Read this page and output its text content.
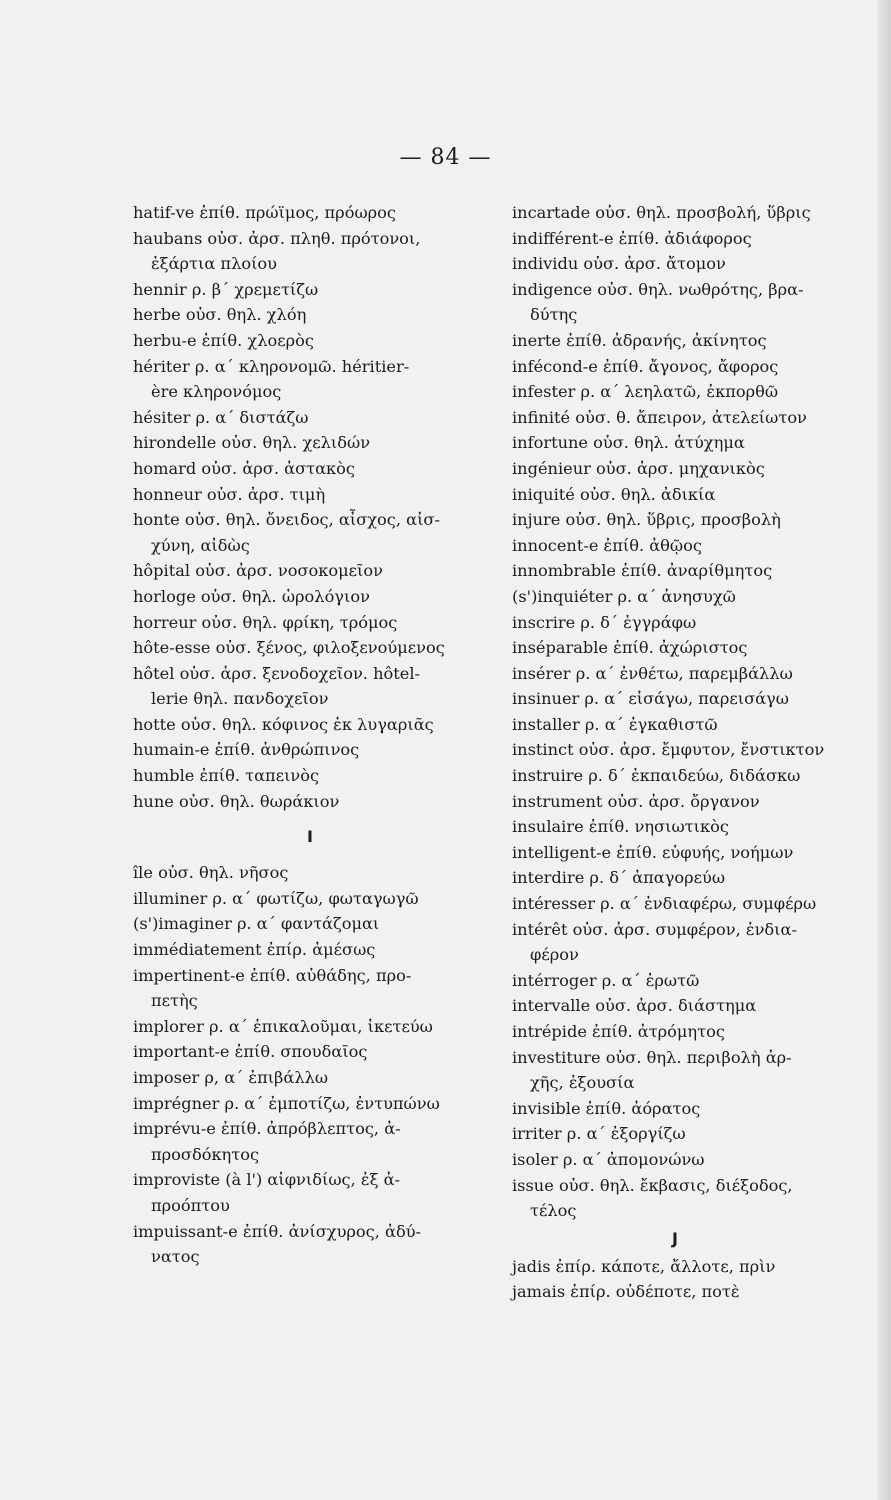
— 84 —
hatif-ve ἐπίθ. πρώϊμος, πρόωρος
haubans οὐσ. ἀρσ. πληθ. πρότονοι,
ἐξάρτια πλοίου
hennir ρ. β΄ χρεμετίζω
herbe οὐσ. θηλ. χλόη
herbu-e ἐπίθ. χλοερὸς
hériter ρ. α΄ κληρονομῶ. héritier-
ère κληρονόμος
hésiter ρ. α΄ διστάζω
hirondelle οὐσ. θηλ. χελιδών
homard οὐσ. ἀρσ. ἀστακὸς
honneur οὐσ. ἀρσ. τιμὴ
honte οὐσ. θηλ. ὄνειδος, αἶσχος, αἰσ-
χύνη, αἰδὼς
hôpital οὐσ. ἀρσ. νοσοκομεῖον
horloge οὐσ. θηλ. ὡρολόγιον
horreur οὐσ. θηλ. φρίκη, τρόμος
hôte-esse οὐσ. ξένος, φιλοξενούμενος
hôtel οὐσ. ἀρσ. ξενοδοχεῖον. hôtel-
lerie θηλ. πανδοχεῖον
hotte οὐσ. θηλ. κόφινος ἐκ λυγαριᾶς
humain-e ἐπίθ. ἀνθρώπινος
humble ἐπίθ. ταπεινὸς
hune οὐσ. θηλ. θωράκιον
I
île οὐσ. θηλ. νῆσος
illuminer ρ. α΄ φωτίζω, φωταγωγῶ
(s')imaginer ρ. α΄ φαντάζομαι
immédiatement ἐπίρ. ἀμέσως
impertinent-e ἐπίθ. αὐθάδης, προ-
πετὴς
implorer ρ. α΄ ἐπικαλοῦμαι, ἱκετεύω
important-e ἐπίθ. σπουδαῖος
imposer ρ, α΄ ἐπιβάλλω
imprégner ρ. α΄ ἐμποτίζω, ἐντυπώνω
imprévu-e ἐπίθ. ἀπρόβλεπτος, ἀ-
προσδόκητος
improviste (à l') αἰφνιδίως, ἐξ ἀ-
προόπτου
impuissant-e ἐπίθ. ἀνίσχυρος, ἀδύ-
νατος
incartade οὐσ. θηλ. προσβολή, ὕβρις
indifférent-e ἐπίθ. ἀδιάφορος
individu οὐσ. ἀρσ. ἄτομον
indigence οὐσ. θηλ. νωθρότης, βρα-
δύτης
inerte ἐπίθ. ἀδρανής, ἀκίνητος
infécond-e ἐπίθ. ἄγονος, ἄφορος
infester ρ. α΄ λεηλατῶ, ἐκπορθῶ
infinité οὐσ. θ. ἄπειρον, ἀτελείωτον
infortune οὐσ. θηλ. ἀτύχημα
ingénieur οὐσ. ἀρσ. μηχανικὸς
iniquité οὐσ. θηλ. ἀδικία
injure οὐσ. θηλ. ὕβρις, προσβολὴ
innocent-e ἐπίθ. ἀθῷος
innombrable ἐπίθ. ἀναρίθμητος
(s')inquiéter ρ. α΄ ἀνησυχῶ
inscrire ρ. δ΄ ἐγγράφω
inséparable ἐπίθ. ἀχώριστος
insérer ρ. α΄ ἐνθέτω, παρεμβάλλω
insinuer ρ. α΄ εἰσάγω, παρεισάγω
installer ρ. α΄ ἐγκαθιστῶ
instinct οὐσ. ἀρσ. ἔμφυτον, ἔνστικτον
instruire ρ. δ΄ ἐκπαιδεύω, διδάσκω
instrument οὐσ. ἀρσ. ὄργανον
insulaire ἐπίθ. νησιωτικὸς
intelligent-e ἐπίθ. εὐφυής, νοήμων
interdire ρ. δ΄ ἀπαγορεύω
intéresser ρ. α΄ ἐνδιαφέρω, συμφέρω
intérêt οὐσ. ἀρσ. συμφέρον, ἐνδια-
φέρον
intérroger ρ. α΄ ἐρωτῶ
intervalle οὐσ. ἀρσ. διάστημα
intrépide ἐπίθ. ἀτρόμητος
investiture οὐσ. θηλ. περιβολὴ ἀρ-
χῆς, ἐξουσία
invisible ἐπίθ. ἀόρατος
irriter ρ. α΄ ἐξοργίζω
isoler ρ. α΄ ἀπομονώνω
issue οὐσ. θηλ. ἔκβασις, διέξοδος,
τέλος
J
jadis ἐπίρ. κάποτε, ἄλλοτε, πρὶν
jamais ἐπίρ. οὐδέποτε, ποτὲ
